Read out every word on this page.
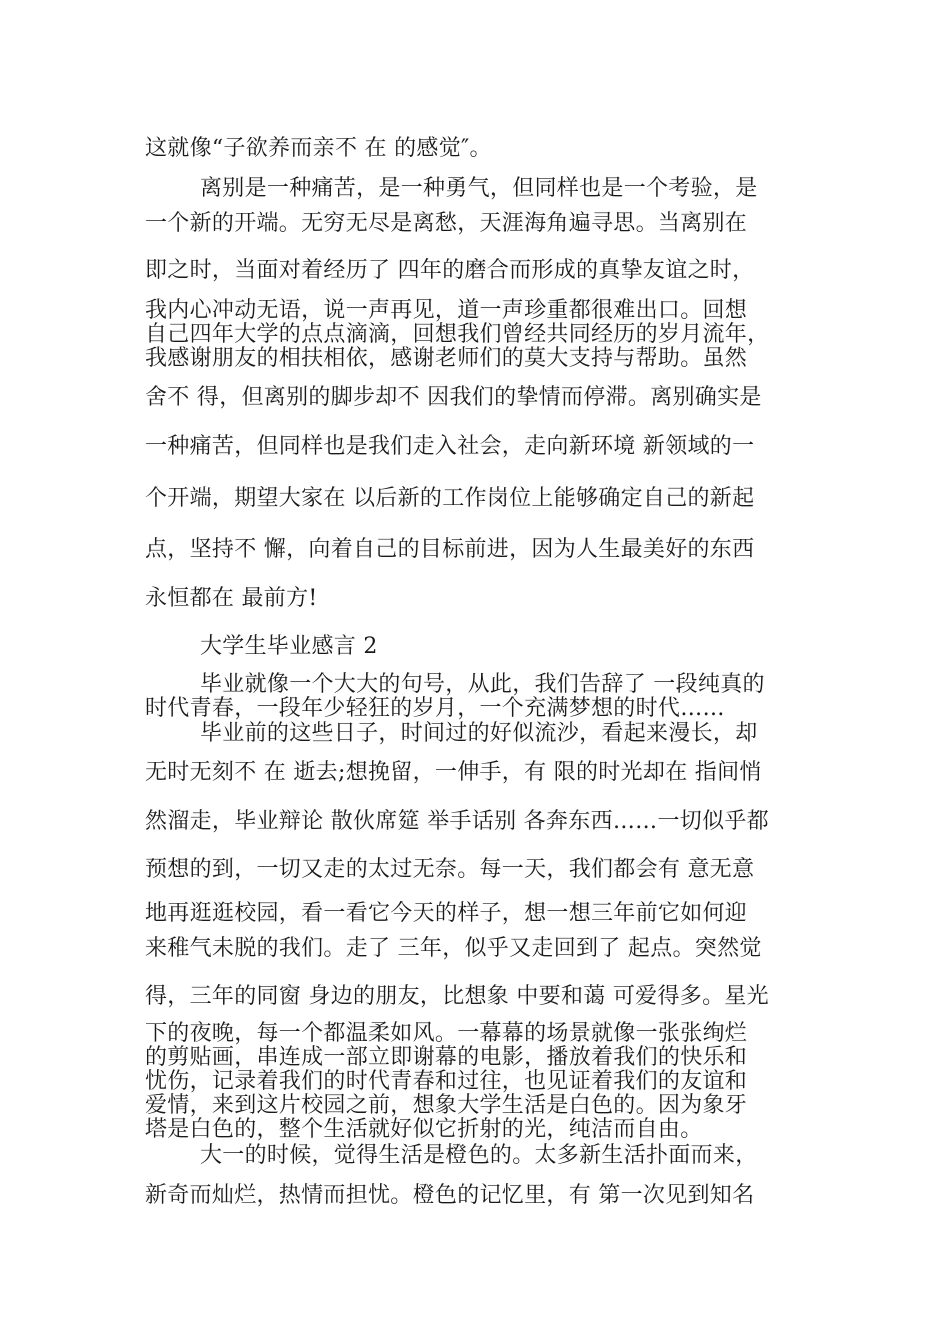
这就像“子欲养而亲不 在 的感觉″。
离别是一种痛苦，是一种勇气，但同样也是一个考验，是
一个新的开端。无穷无尽是离愁，天涯海角遍寻思。当离别在
即之时，当面对着经历了 四年的磨合而形成的真挚友谊之时，
我内心冲动无语，说一声再见，道一声珍重都很难出口。回想
自己四年大学的点点滴滴，回想我们曾经共同经历的岁月流年，
我感谢朋友的相扶相依，感谢老师们的莫大支持与帮助。虽然
舍不 得，但离别的脚步却不 因我们的挚情而停滞。离别确实是
一种痛苦，但同样也是我们走入社会，走向新环境 新领域的一
个开端，期望大家在 以后新的工作岗位上能够确定自己的新起
点，坚持不 懈，向着自己的目标前进，因为人生最美好的东西
永恒都在 最前方!
大学生毕业感言 2
毕业就像一个大大的句号，从此，我们告辞了 一段纯真的
时代青春，一段年少轻狂的岁月，一个充满梦想的时代……
毕业前的这些日子，时间过的好似流沙，看起来漫长，却
无时无刻不 在 逝去;想挽留，一伸手，有 限的时光却在 指间悄
然溜走，毕业辩论 散伙席筵 举手话别 各奔东西……一切似乎都
预想的到，一切又走的太过无奈。每一天，我们都会有 意无意
地再逛逛校园，看一看它今天的样子，想一想三年前它如何迎
来稚气未脱的我们。走了 三年，似乎又走回到了 起点。突然觉
得，三年的同窗 身边的朋友，比想象 中要和蔼 可爱得多。星光
下的夜晚，每一个都温柔如风。一幕幕的场景就像一张张绚烂
的剪贴画，串连成一部立即谢幕的电影，播放着我们的快乐和
忧伤，记录着我们的时代青春和过往，也见证着我们的友谊和
爱情，来到这片校园之前，想象大学生活是白色的。因为象牙
塔是白色的，整个生活就好似它折射的光，纯洁而自由。
大一的时候，觉得生活是橙色的。太多新生活扑面而来，
新奇而灿烂，热情而担忧。橙色的记忆里，有 第一次见到知名
